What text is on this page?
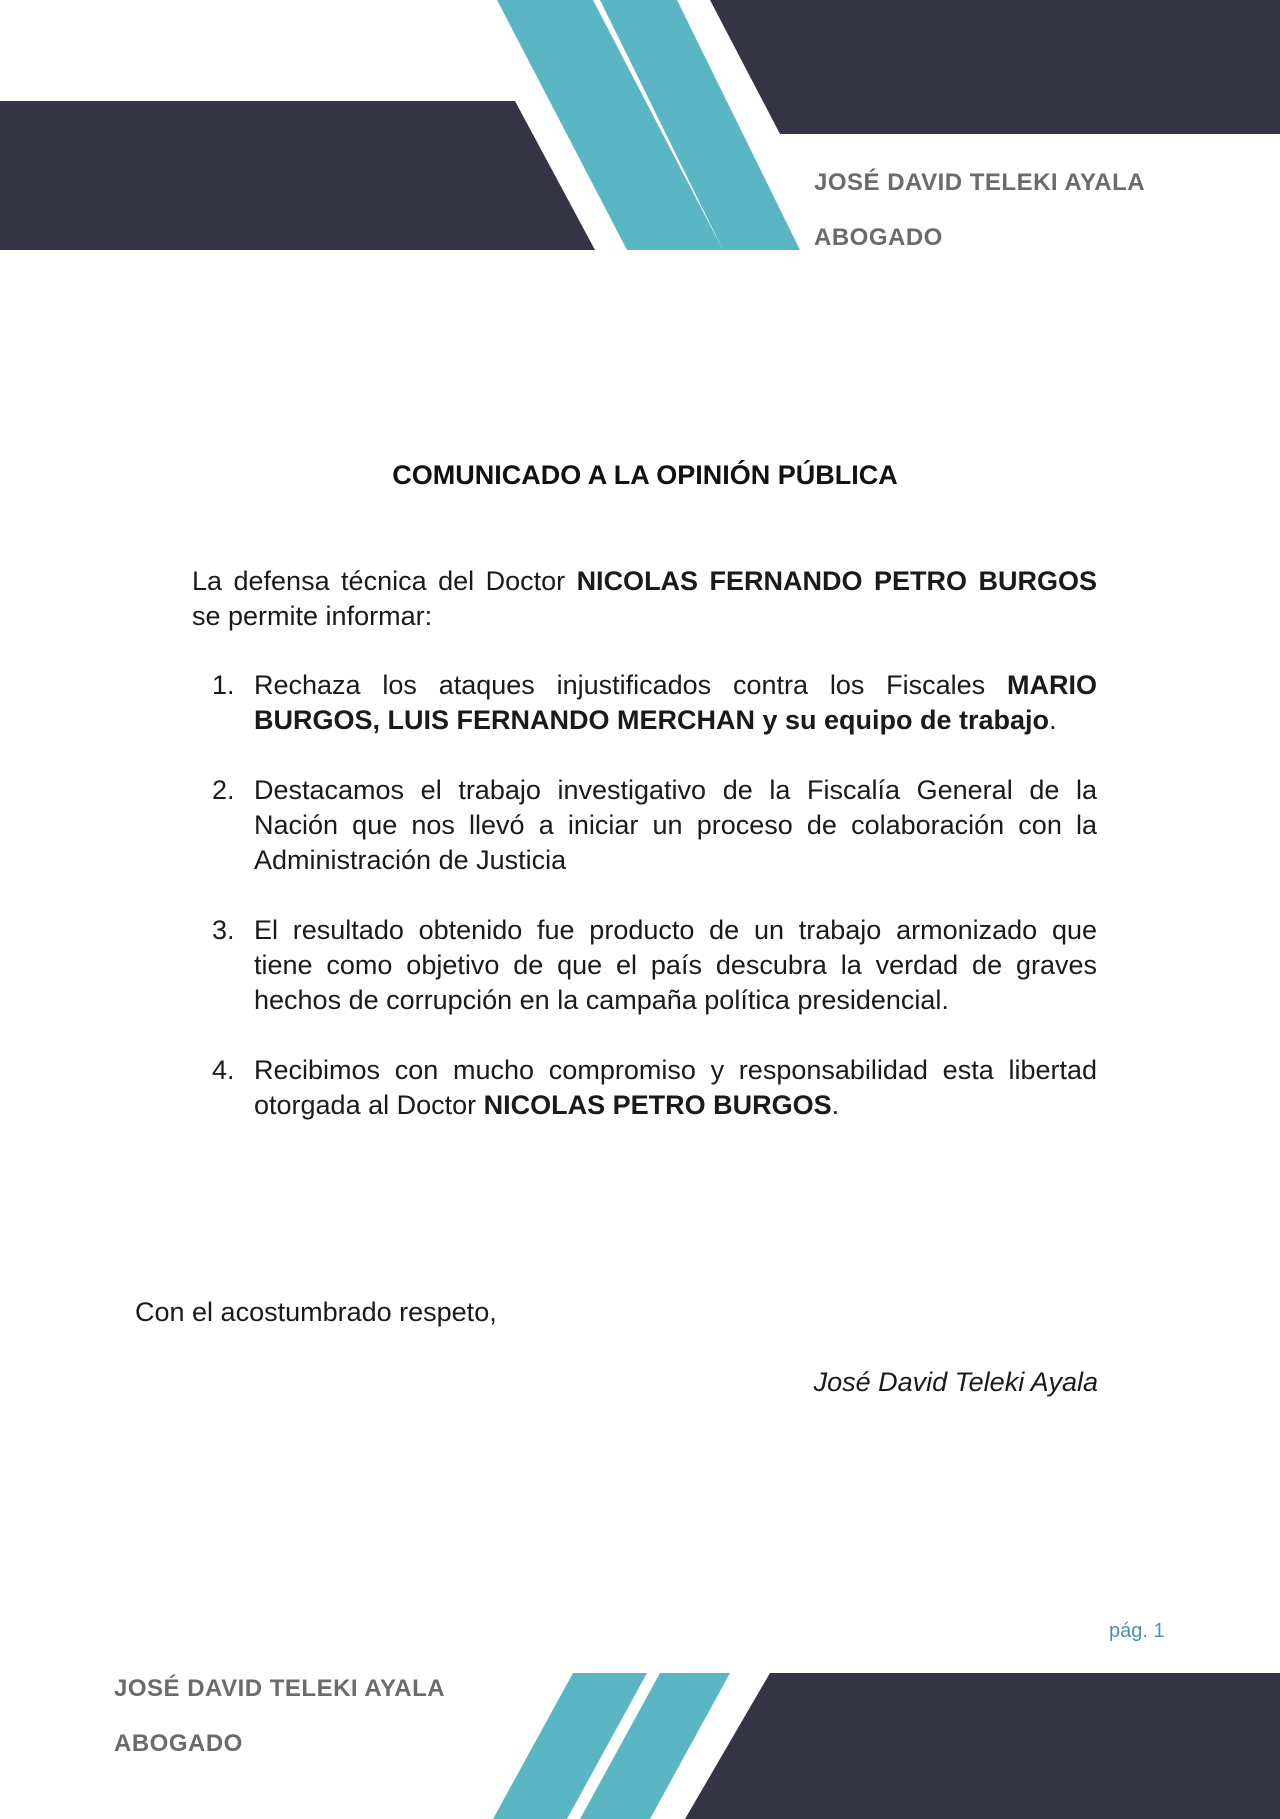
JOSÉ DAVID TELEKI AYALA
ABOGADO
COMUNICADO A LA OPINIÓN PÚBLICA
La defensa técnica del Doctor NICOLAS FERNANDO PETRO BURGOS se permite informar:
1. Rechaza los ataques injustificados contra los Fiscales MARIO BURGOS, LUIS FERNANDO MERCHAN y su equipo de trabajo.
2. Destacamos el trabajo investigativo de la Fiscalía General de la Nación que nos llevó a iniciar un proceso de colaboración con la Administración de Justicia
3. El resultado obtenido fue producto de un trabajo armonizado que tiene como objetivo de que el país descubra la verdad de graves hechos de corrupción en la campaña política presidencial.
4. Recibimos con mucho compromiso y responsabilidad esta libertad otorgada al Doctor NICOLAS PETRO BURGOS.
Con el acostumbrado respeto,
José David Teleki Ayala
pág. 1
JOSÉ DAVID TELEKI AYALA
ABOGADO
